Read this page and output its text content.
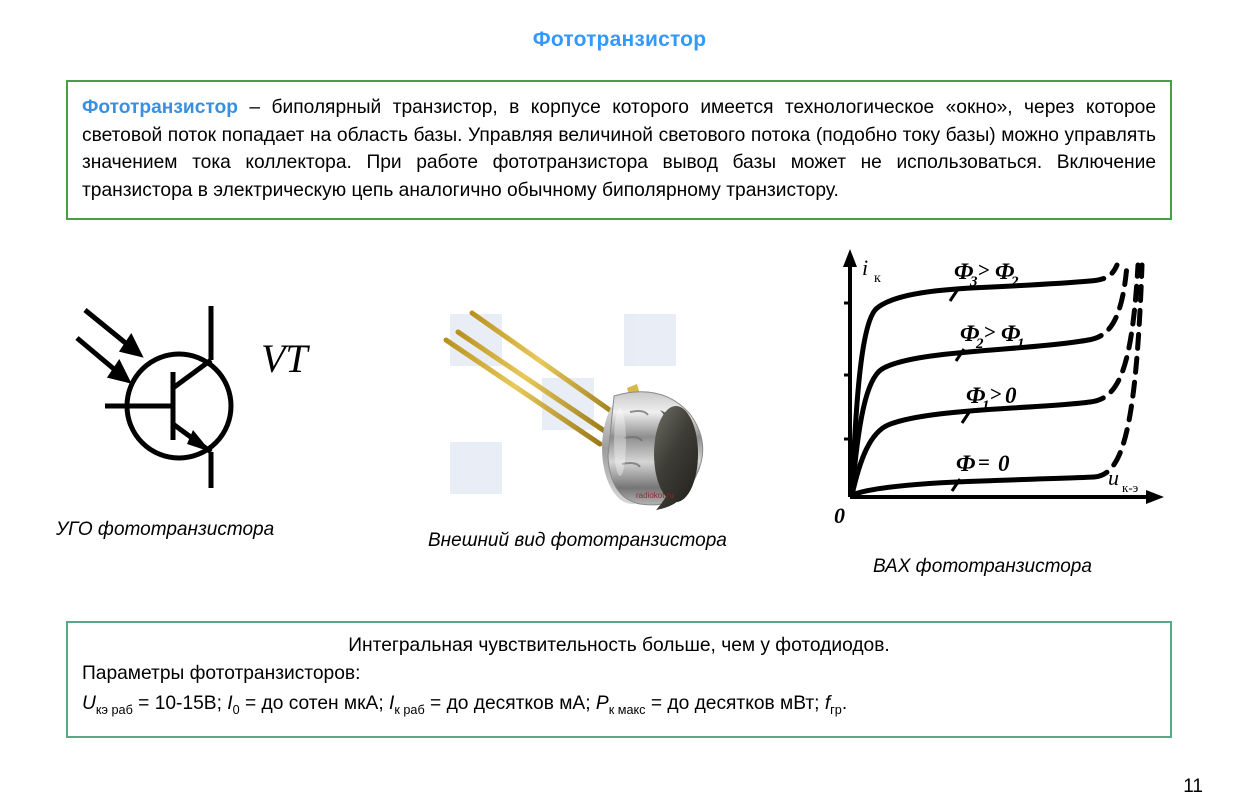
Фототранзистор
Фототранзистор – биполярный транзистор, в корпусе которого имеется технологическое «окно», через которое световой поток попадает на область базы. Управляя величиной светового потока (подобно току базы) можно управлять значением тока коллектора. При работе фототранзистора вывод базы может не использоваться. Включение транзистора в электрическую цепь аналогично обычному биполярному транзистору.
VT
УГО фототранзистора
radiokot.ru
Внешний вид фототранзистора
i к
u к-э
0
Ф
3 > Ф
2
Ф
2 > Ф
1
Ф
1 > 0
Ф = 0
ВАХ фототранзистора
Интегральная чувствительность больше, чем у фотодиодов.
Параметры фототранзисторов:
$U_{кэ раб} = 10-15В$; $I_0$ = до сотен мкА; $I_{к раб}$ = до десятков мА; $P_{к макс}$ = до десятков мВт; $f_{гр}$.
11
